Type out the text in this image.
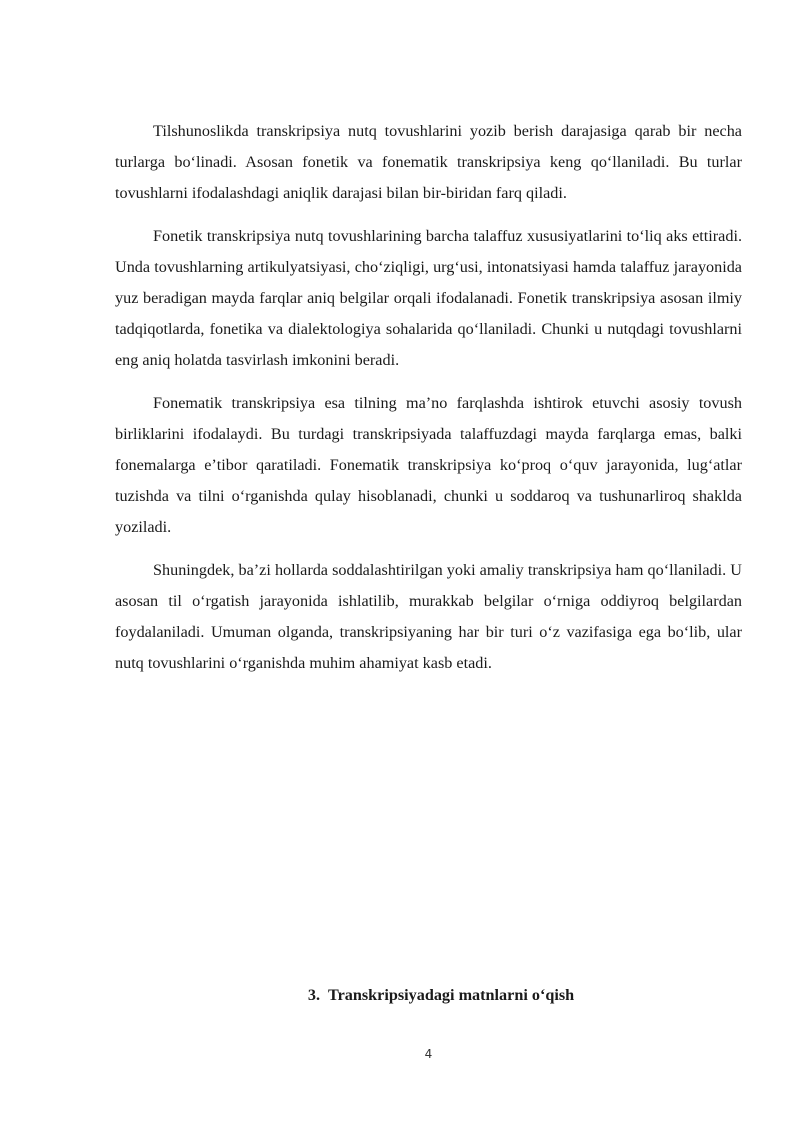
Tilshunoslikda transkripsiya nutq tovushlarini yozib berish darajasiga qarab bir necha turlarga boʻlinadi. Asosan fonetik va fonematik transkripsiya keng qoʻllaniladi. Bu turlar tovushlarni ifodalashdagi aniqlik darajasi bilan bir-biridan farq qiladi.

Fonetik transkripsiya nutq tovushlarining barcha talaffuz xususiyatlarini toʻliq aks ettiradi. Unda tovushlarning artikulyatsiyasi, choʻziqligi, urgʻusi, intonatsiyasi hamda talaffuz jarayonida yuz beradigan mayda farqlar aniq belgilar orqali ifodalanadi. Fonetik transkripsiya asosan ilmiy tadqiqotlarda, fonetika va dialektologiya sohalarida qoʻllaniladi. Chunki u nutqdagi tovushlarni eng aniq holatda tasvirlash imkonini beradi.

Fonematik transkripsiya esa tilning maʼno farqlashda ishtirok etuvchi asosiy tovush birliklarini ifodalaydi. Bu turdagi transkripsiyada talaffuzdagi mayda farqlarga emas, balki fonemalarga eʼtibor qaratiladi. Fonematik transkripsiya koʻproq oʻquv jarayonida, lugʻatlar tuzishda va tilni oʻrganishda qulay hisoblanadi, chunki u soddaroq va tushunarliroq shaklda yoziladi.

Shuningdek, baʼzi hollarda soddalashtirilgan yoki amaliy transkripsiya ham qoʻllaniladi. U asosan til oʻrgatish jarayonida ishlatilib, murakkab belgilar oʻrniga oddiyroq belgilardan foydalaniladi. Umuman olganda, transkripsiyaning har bir turi oʻz vazifasiga ega boʻlib, ular nutq tovushlarini oʻrganishda muhim ahamiyat kasb etadi.

3. Transkripsiyadagi matnlarni oʻqish
4
